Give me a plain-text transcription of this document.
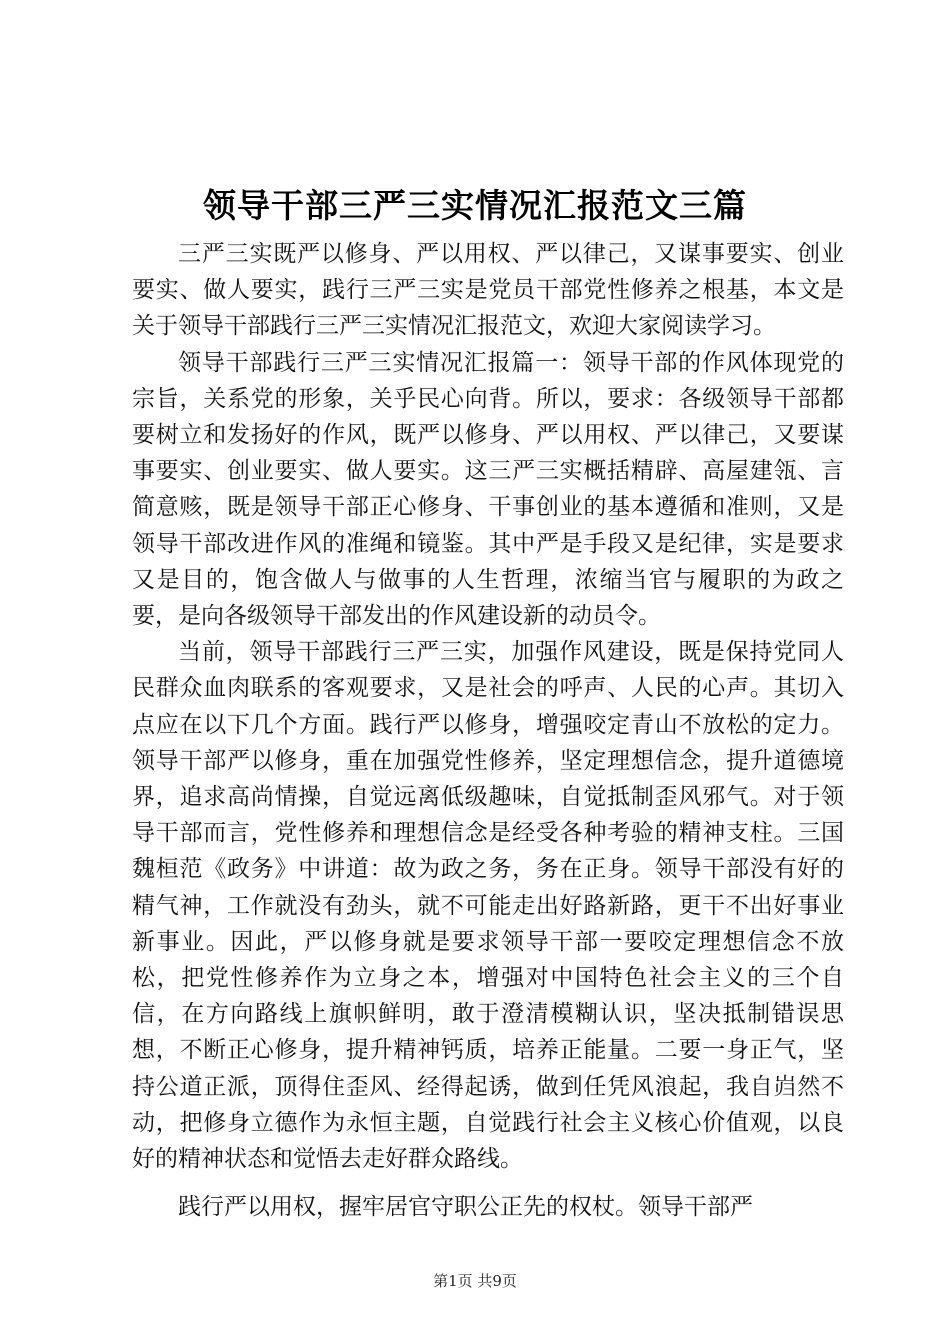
领导干部三严三实情况汇报范文三篇

三严三实既严以修身、严以用权、严以律己，又谋事要实、创业要实、做人要实，践行三严三实是党员干部党性修养之根基，本文是关于领导干部践行三严三实情况汇报范文，欢迎大家阅读学习。

领导干部践行三严三实情况汇报篇一：领导干部的作风体现党的宗旨，关系党的形象，关乎民心向背。所以，要求：各级领导干部都要树立和发扬好的作风，既严以修身、严以用权、严以律己，又要谋事要实、创业要实、做人要实。这三严三实概括精辟、高屋建瓴、言简意赅，既是领导干部正心修身、干事创业的基本遵循和准则，又是领导干部改进作风的准绳和镜鉴。其中严是手段又是纪律，实是要求又是目的，饱含做人与做事的人生哲理，浓缩当官与履职的为政之要，是向各级领导干部发出的作风建设新的动员令。

当前，领导干部践行三严三实，加强作风建设，既是保持党同人民群众血肉联系的客观要求，又是社会的呼声、人民的心声。其切入点应在以下几个方面。践行严以修身，增强咬定青山不放松的定力。领导干部严以修身，重在加强党性修养，坚定理想信念，提升道德境界，追求高尚情操，自觉远离低级趣味，自觉抵制歪风邪气。对于领导干部而言，党性修养和理想信念是经受各种考验的精神支柱。三国魏桓范《政务》中讲道：故为政之务，务在正身。领导干部没有好的精气神，工作就没有劲头，就不可能走出好路新路，更干不出好事业新事业。因此，严以修身就是要求领导干部一要咬定理想信念不放松，把党性修养作为立身之本，增强对中国特色社会主义的三个自信，在方向路线上旗帜鲜明，敢于澄清模糊认识，坚决抵制错误思想，不断正心修身，提升精神钙质，培养正能量。二要一身正气，坚持公道正派，顶得住歪风、经得起诱，做到任凭风浪起，我自岿然不动，把修身立德作为永恒主题，自觉践行社会主义核心价值观，以良好的精神状态和觉悟去走好群众路线。

践行严以用权，握牢居官守职公正先的权杖。领导干部严

第1页 共9页
